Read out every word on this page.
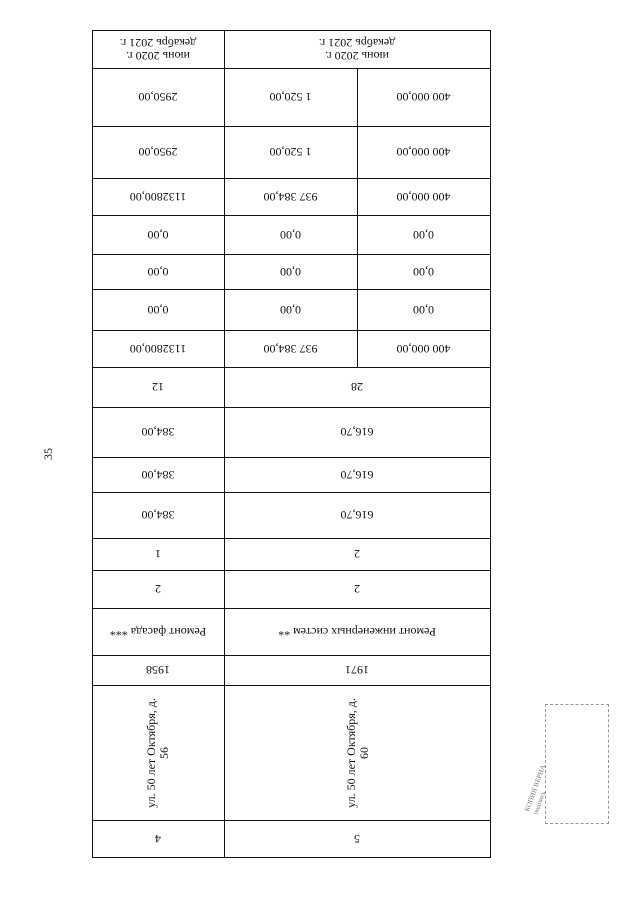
35
июнь 2020 г.
декабрь 2021 г.
2950,00
2950,00
1132800,00
0,00
0,00
0,00
1132800,00
12
384,00
384,00
384,00
1
2
Ремонт фасада ***
1958
ул. 50 лет Октября, д. 56
4
июнь 2020 г.
декабрь 2021 г.
1 520,00
1 520,00
937 384,00
0,00
0,00
0,00
937 384,00
400 000,00
400 000,00
400 000,00
0,00
0,00
0,00
400 000,00
28
616,70
616,70
616,70
2
2
Ремонт инженерных систем **
1971
ул. 50 лет Октября, д. 60
5
КОПИЯ ВЕРНА
подпись
